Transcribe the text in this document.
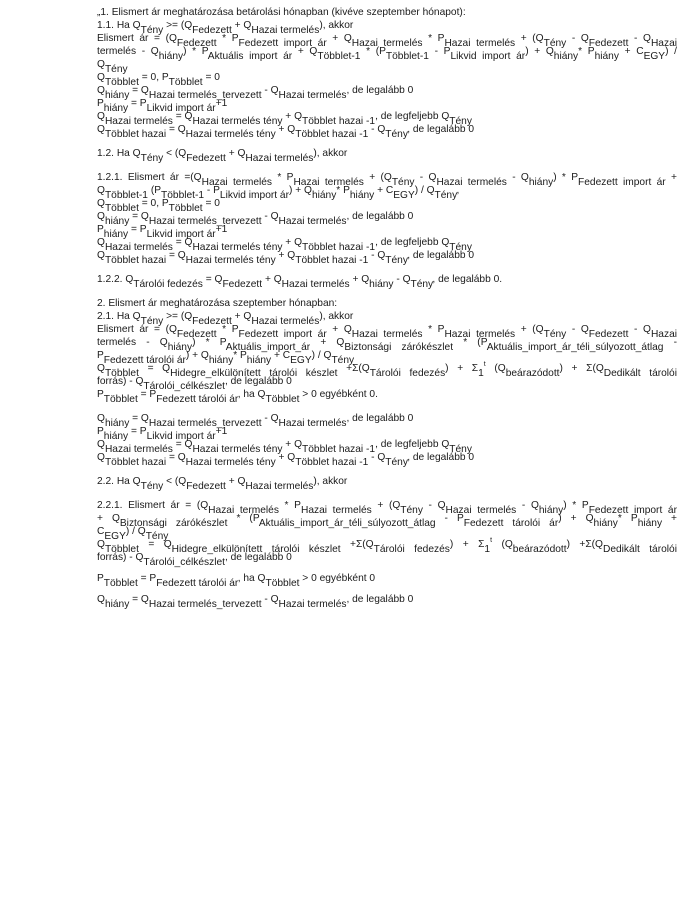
„1. Elismert ár meghatározása betárolási hónapban (kivéve szeptember hónapot):
1.1. Ha $Q_{Tény} >= (Q_{Fedezett} + Q_{Hazai termelés})$, akkor
Elismert ár = ($Q_{Fedezett} * P_{Fedezett import ár} + Q_{Hazai termelés} * P_{Hazai termelés} + (Q_{Tény} - Q_{Fedezett} - Q_{Hazai}$
termelés - $Q_{hiány}) * P_{Aktuális import ár} + Q_{Többlet-1} * (P_{Többlet-1} - P_{Likvid import ár}) + Q_{hiány}*$ $P_{hiány} + C_{EGY}$) /
$Q_{Tény}$
$Q_{Többlet} = 0$, $P_{Többlet} = 0$
$Q_{hiány} = Q_{Hazai termelés\_tervezett} - Q_{Hazai termelés}$, de legalább 0
$P_{hiány} = P_{Likvid import ár}+1$
$Q_{Hazai termelés} = Q_{Hazai termelés tény} + Q_{Többlet hazai -1}$, de legfeljebb $Q_{Tény}$
$Q_{Többlet hazai} = Q_{Hazai termelés tény} + Q_{Többlet hazai -1} - Q_{Tény}$, de legalább 0
1.2. Ha $Q_{Tény} < (Q_{Fedezett} + Q_{Hazai termelés})$, akkor
1.2.1. Elismert ár $=(Q_{Hazai termelés} * P_{Hazai termelés} + (Q_{Tény} - Q_{Hazai termelés} - Q_{hiány}) * P_{Fedezett import ár}$ +
$Q_{Többlet-1}$ $(P_{Többlet-1} - P_{Likvid import ár}) + Q_{hiány}*$ $P_{hiány} + C_{EGY}) / Q_{Tény}$,
$Q_{Többlet} = 0$, $P_{Többlet} = 0$
$Q_{hiány} = Q_{Hazai termelés\_tervezett} - Q_{Hazai termelés}$, de legalább 0
$P_{hiány} = P_{Likvid import ár}+1$
$Q_{Hazai termelés} = Q_{Hazai termelés tény} + Q_{Többlet hazai -1}$, de legfeljebb $Q_{Tény}$
$Q_{Többlet hazai} = Q_{Hazai termelés tény} + Q_{Többlet hazai -1} - Q_{Tény}$, de legalább 0
1.2.2. $Q_{Tárolói fedezés} = Q_{Fedezett} + Q_{Hazai termelés} + Q_{hiány} - Q_{Tény}$, de legalább 0.
2. Elismert ár meghatározása szeptember hónapban:
2.1. Ha $Q_{Tény} >= (Q_{Fedezett} + Q_{Hazai termelés})$, akkor
Elismert ár = ($Q_{Fedezett} * P_{Fedezett import ár} + Q_{Hazai termelés} * P_{Hazai termelés} + (Q_{Tény} - Q_{Fedezett} - Q_{Hazai}$
termelés - $Q_{hiány}) * P_{Aktuális\_import\_ár} + Q_{Biztonsági zárókészlet} * (P_{Aktuális\_import\_ár\_téli\_súlyozott\_átlag}$ -
$P_{Fedezett tárolói ár}) + Q_{hiány}*$ $P_{hiány} + C_{EGY}) / Q_{Tény}$
$Q_{Többlet} = Q_{Hidegre\_elkülönített tárolói készlet} +\Sigma(Q_{Tárolói fedezés}) + \Sigma_1^t$ $(Q_{beárazódott}) + \Sigma(Q_{Dedikált tárolói}$
forrás) - $Q_{Tárolói\_célkészlet}$, de legalább 0
$P_{Többlet} = P_{Fedezett tárolói ár}$, ha $Q_{Többlet} > 0$ egyébként 0.
$Q_{hiány} = Q_{Hazai termelés\_tervezett} - Q_{Hazai termelés}$, de legalább 0
$P_{hiány} = P_{Likvid import ár}+1$
$Q_{Hazai termelés} = Q_{Hazai termelés tény} + Q_{Többlet hazai -1}$, de legfeljebb $Q_{Tény}$
$Q_{Többlet hazai} = Q_{Hazai termelés tény} + Q_{Többlet hazai -1} - Q_{Tény}$, de legalább 0
2.2. Ha $Q_{Tény} < (Q_{Fedezett} + Q_{Hazai termelés})$, akkor
2.2.1. Elismert ár = ($Q_{Hazai termelés} * P_{Hazai termelés} + (Q_{Tény} - Q_{Hazai termelés} - Q_{hiány}) * P_{Fedezett import ár}$
+ $Q_{Biztonsági zárókészlet} * (P_{Aktuális\_import\_ár\_téli\_súlyozott\_átlag} - P_{Fedezett tárolói ár}) + Q_{hiány}*$ $P_{hiány}$ +
$C_{EGY}) / Q_{Tény}$
$Q_{Többlet} = Q_{Hidegre\_elkülönített tárolói készlet} +\Sigma(Q_{Tárolói fedezés}) + \Sigma_1^t$ $(Q_{beárazódott}) +\Sigma(Q_{Dedikált tárolói}$
forrás) - $Q_{Tárolói\_célkészlet}$, de legalább 0
$P_{Többlet} = P_{Fedezett tárolói ár}$, ha $Q_{Többlet} > 0$ egyébként 0
$Q_{hiány} = Q_{Hazai termelés\_tervezett} - Q_{Hazai termelés}$, de legalább 0
